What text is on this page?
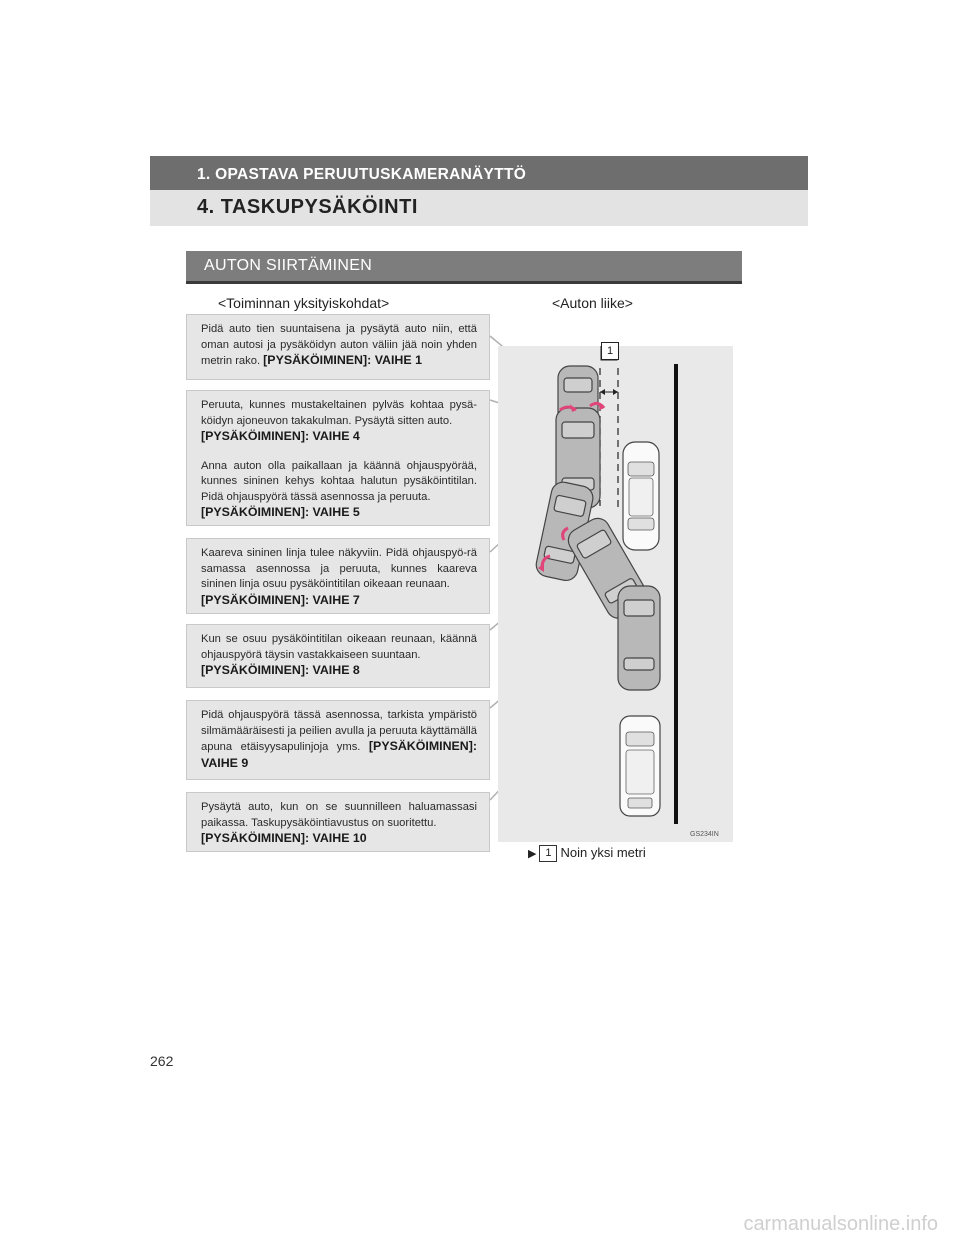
1. OPASTAVA PERUUTUSKAMERANÄYTTÖ
4. TASKUPYSÄKÖINTI
AUTON SIIRTÄMINEN
<Toiminnan yksityiskohdat>	<Auton liike>

Pidä auto tien suuntaisena ja pysäytä auto niin, että oman autosi ja pysäköidyn auton väliin jää noin yhden metrin rako. [PYSÄKÖIMINEN]: VAIHE 1

Peruuta, kunnes mustakeltainen pylväs kohtaa pysä-köidyn ajoneuvon takakulman. Pysäytä sitten auto.
[PYSÄKÖIMINEN]: VAIHE 4

Anna auton olla paikallaan ja käännä ohjauspyörää, kunnes sininen kehys kohtaa halutun pysäköintitilan. Pidä ohjauspyörä tässä asennossa ja peruuta.
[PYSÄKÖIMINEN]: VAIHE 5

Kaareva sininen linja tulee näkyviin. Pidä ohjauspyö-rä samassa asennossa ja peruuta, kunnes kaareva sininen linja osuu pysäköintitilan oikeaan reunaan.
[PYSÄKÖIMINEN]: VAIHE 7

Kun se osuu pysäköintitilan oikeaan reunaan, käännä ohjauspyörä täysin vastakkaiseen suuntaan.
[PYSÄKÖIMINEN]: VAIHE 8

Pidä ohjauspyörä tässä asennossa, tarkista ympäristö silmämääräisesti ja peilien avulla ja peruuta käyttämällä apuna etäisyysapulinjoja yms. [PYSÄKÖIMINEN]: VAIHE 9

Pysäytä auto, kun on se suunnilleen haluamassasi paikassa. Taskupysäköintiavustus on suoritettu.
[PYSÄKÖIMINEN]: VAIHE 10	GS234IN
1
▶ 1 Noin yksi metri
262
carmanualsonline.info
